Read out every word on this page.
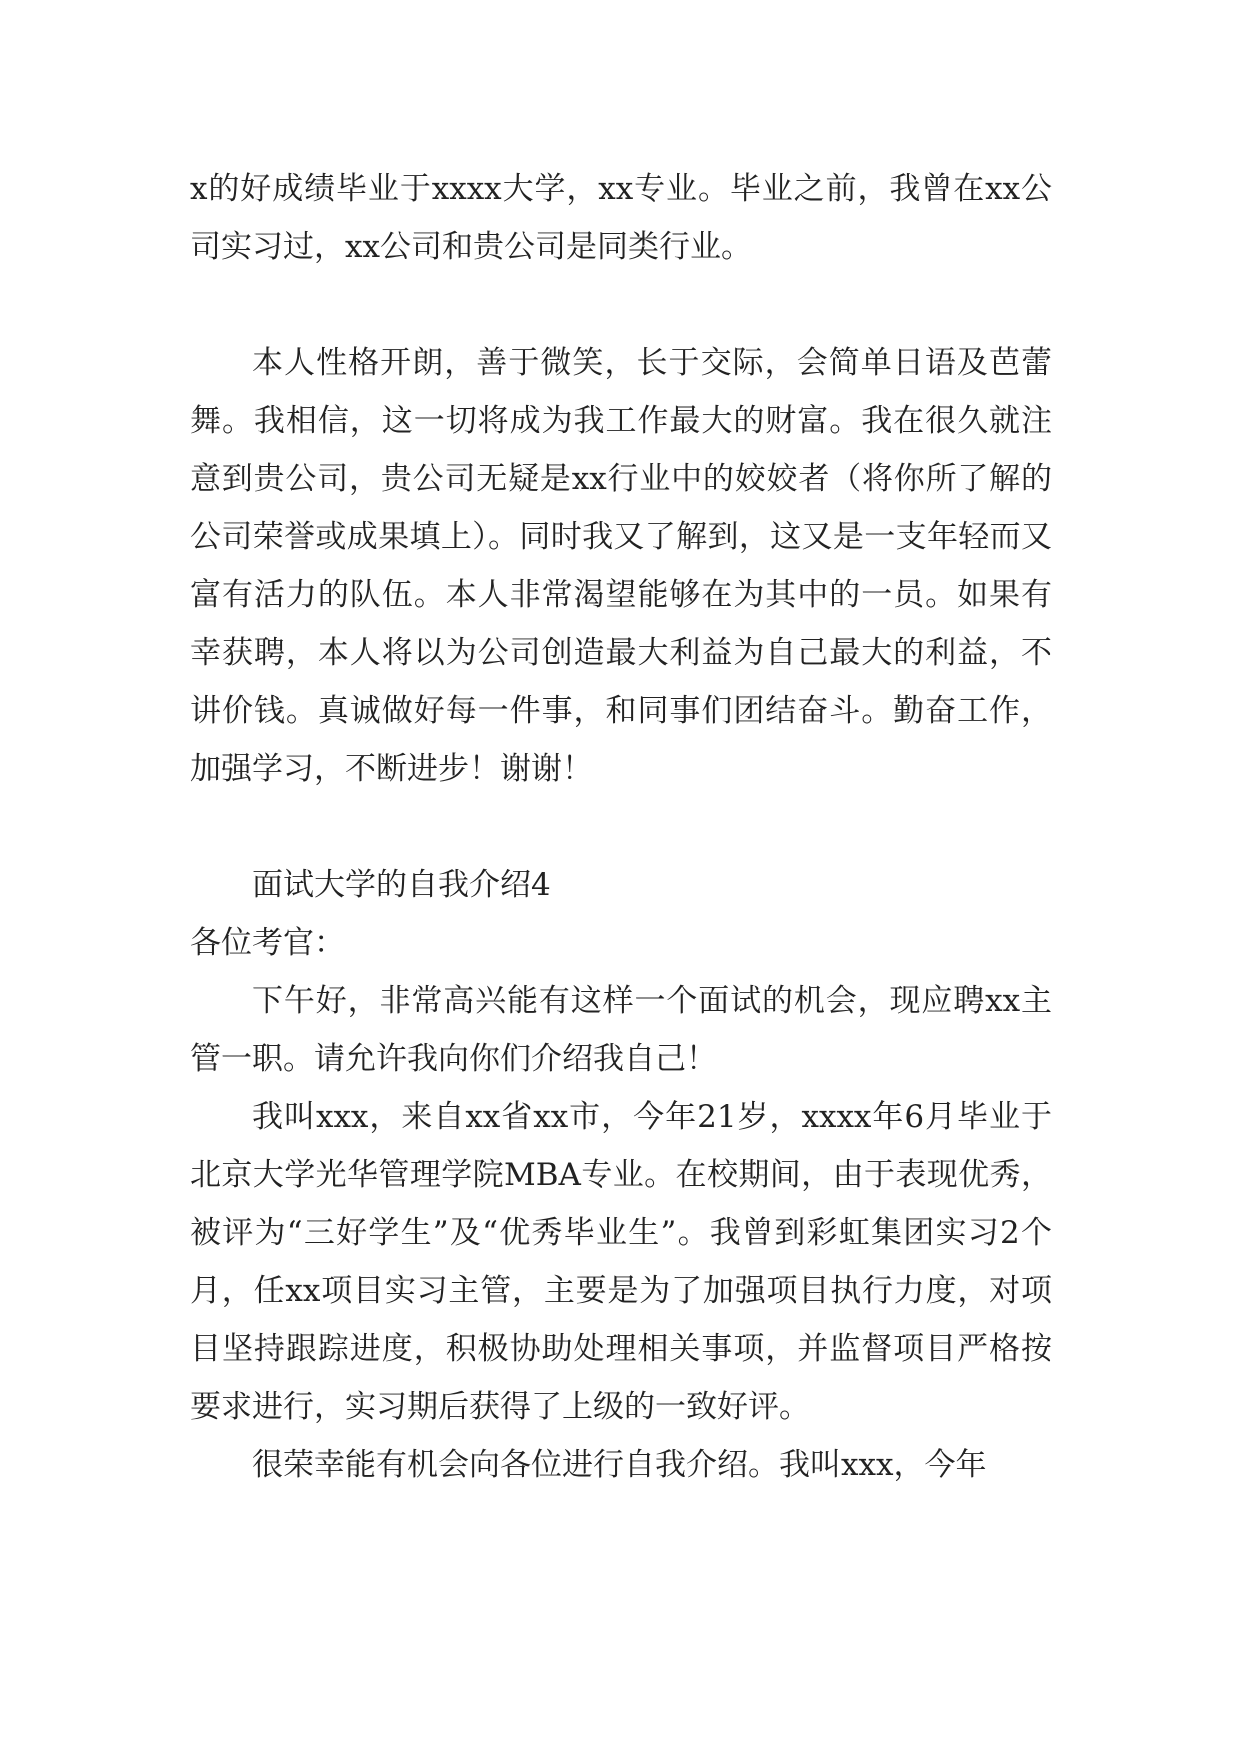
x的好成绩毕业于xxxx大学，xx专业。毕业之前，我曾在xx公司实习过，xx公司和贵公司是同类行业。

本人性格开朗，善于微笑，长于交际，会简单日语及芭蕾舞。我相信，这一切将成为我工作最大的财富。我在很久就注意到贵公司，贵公司无疑是xx行业中的姣姣者（将你所了解的公司荣誉或成果填上）。同时我又了解到，这又是一支年轻而又富有活力的队伍。本人非常渴望能够在为其中的一员。如果有幸获聘，本人将以为公司创造最大利益为自己最大的利益，不讲价钱。真诚做好每一件事，和同事们团结奋斗。勤奋工作，加强学习，不断进步！谢谢！

面试大学的自我介绍4

各位考官：

下午好，非常高兴能有这样一个面试的机会，现应聘xx主管一职。请允许我向你们介绍我自己！

我叫xxx，来自xx省xx市，今年21岁，xxxx年6月毕业于北京大学光华管理学院MBA专业。在校期间，由于表现优秀，被评为“三好学生”及“优秀毕业生”。我曾到彩虹集团实习2个月，任xx项目实习主管，主要是为了加强项目执行力度，对项目坚持跟踪进度，积极协助处理相关事项，并监督项目严格按要求进行，实习期后获得了上级的一致好评。

很荣幸能有机会向各位进行自我介绍。我叫xxx，今年
